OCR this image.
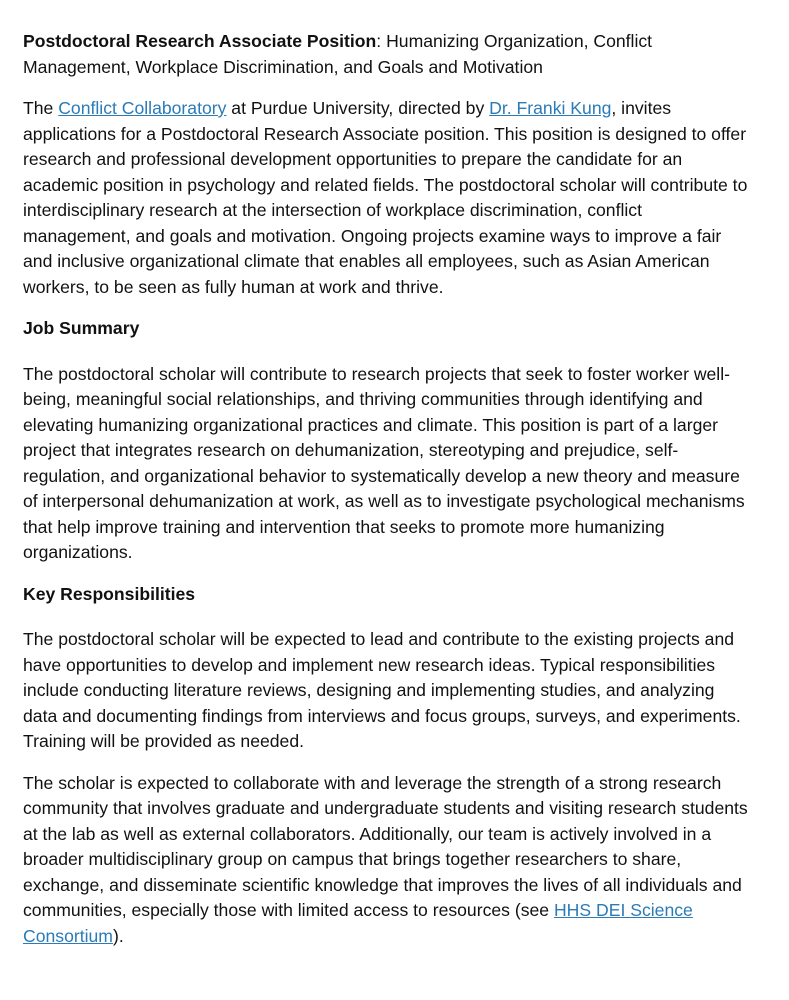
Postdoctoral Research Associate Position: Humanizing Organization, Conflict Management, Workplace Discrimination, and Goals and Motivation

The Conflict Collaboratory at Purdue University, directed by Dr. Franki Kung, invites applications for a Postdoctoral Research Associate position. This position is designed to offer research and professional development opportunities to prepare the candidate for an academic position in psychology and related fields. The postdoctoral scholar will contribute to interdisciplinary research at the intersection of workplace discrimination, conflict management, and goals and motivation. Ongoing projects examine ways to improve a fair and inclusive organizational climate that enables all employees, such as Asian American workers, to be seen as fully human at work and thrive.

Job Summary

The postdoctoral scholar will contribute to research projects that seek to foster worker well-being, meaningful social relationships, and thriving communities through identifying and elevating humanizing organizational practices and climate. This position is part of a larger project that integrates research on dehumanization, stereotyping and prejudice, self-regulation, and organizational behavior to systematically develop a new theory and measure of interpersonal dehumanization at work, as well as to investigate psychological mechanisms that help improve training and intervention that seeks to promote more humanizing organizations.

Key Responsibilities

The postdoctoral scholar will be expected to lead and contribute to the existing projects and have opportunities to develop and implement new research ideas. Typical responsibilities include conducting literature reviews, designing and implementing studies, and analyzing data and documenting findings from interviews and focus groups, surveys, and experiments. Training will be provided as needed.

The scholar is expected to collaborate with and leverage the strength of a strong research community that involves graduate and undergraduate students and visiting research students at the lab as well as external collaborators. Additionally, our team is actively involved in a broader multidisciplinary group on campus that brings together researchers to share, exchange, and disseminate scientific knowledge that improves the lives of all individuals and communities, especially those with limited access to resources (see HHS DEI Science Consortium).
